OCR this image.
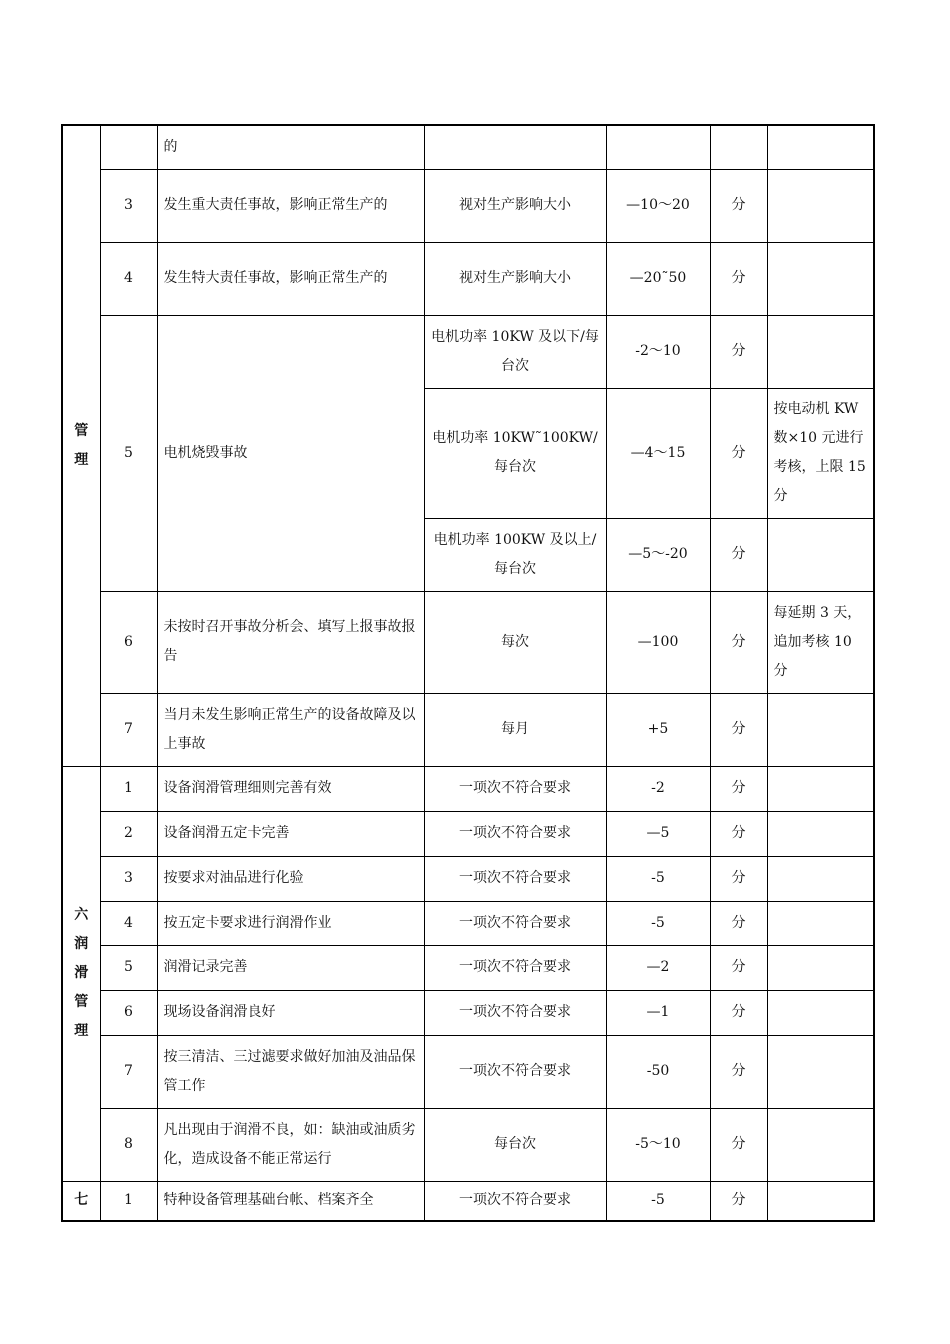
管
理		的				
	3	发生重大责任事故，影响正常生产的	视对生产影响大小	—10～20	分	
	4	发生特大责任事故，影响正常生产的	视对生产影响大小	—20˜50	分	
	5	电机烧毁事故	电机功率 10KW 及以下/每台次	-2～10	分	
			电机功率 10KW˜100KW/每台次	—4～15	分	按电动机 KW 数×10 元进行考核，上限 15 分
			电机功率 100KW 及以上/每台次	—5～-20	分	
	6	未按时召开事故分析会、填写上报事故报告	每次	—100	分	每延期 3 天，追加考核 10 分
	7	当月未发生影响正常生产的设备故障及以上事故	每月	+5	分	

六
润
滑
管
理	1	设备润滑管理细则完善有效	一项次不符合要求	-2	分	
	2	设备润滑五定卡完善	一项次不符合要求	—5	分	
	3	按要求对油品进行化验	一项次不符合要求	-5	分	
	4	按五定卡要求进行润滑作业	一项次不符合要求	-5	分	
	5	润滑记录完善	一项次不符合要求	—2	分	
	6	现场设备润滑良好	一项次不符合要求	—1	分	
	7	按三清洁、三过滤要求做好加油及油品保管工作	一项次不符合要求	-50	分	
	8	凡出现由于润滑不良，如：缺油或油质劣化，造成设备不能正常运行	每台次	-5～10	分	
七	1	特种设备管理基础台帐、档案齐全	一项次不符合要求	-5	分	
